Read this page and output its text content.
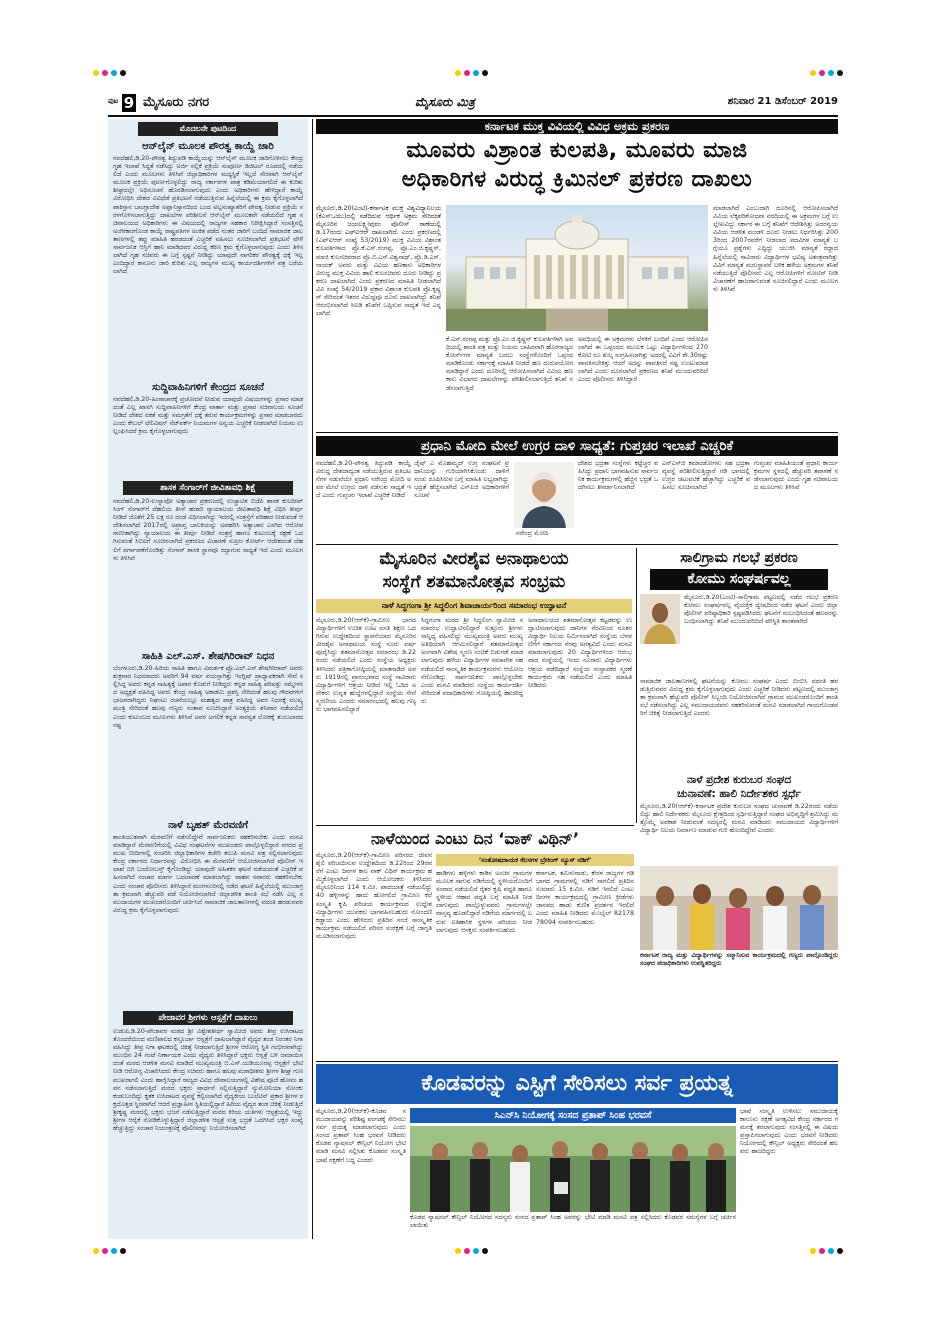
ಪುಟ 9 ಮೈಸೂರು ನಗರ	ಮೈಸೂರು ಮಿತ್ರ	ಶನಿವಾರ 21 ಡಿಸೆಂಬರ್ 2019
ಮೊದಲನೇ ಪುಟದಿಂದ
ಆನ್‌ಲೈನ್ ಮೂಲಕ ಪೌರತ್ವ ಕಾಯ್ದೆ ಜಾರಿ
ನವದೆಹಲಿ,ಡಿ.20-ಪೌರತ್ವ ತಿದ್ದುಪಡಿ ಕಾಯ್ದೆಯನ್ನು ಆನ್‌ಲೈನ್ ಮೂಲಕ ಜಾರಿಗೊಳಿಸಲು ಕೇಂದ್ರ ಗೃಹ ಇಲಾಖೆ ಸಿದ್ಧತೆ ನಡೆಸಿದ್ದು ಅರ್ಜಿ ಸಲ್ಲಿಕೆ ಪ್ರಕ್ರಿಯೆ ಸಂಪೂರ್ಣ ಡಿಜಿಟಲ್ ರೂಪದಲ್ಲಿ ನಡೆಯಲಿದೆ ಎಂದು ಮೂಲಗಳು ತಿಳಿಸಿವೆ ಜಿಲ್ಲಾಧಿಕಾರಿಗಳ ಮಧ್ಯಸ್ಥಿಕೆ ಇಲ್ಲದೆ ನೇರವಾಗಿ ಆನ್‌ಲೈನ್ ಮೂಲಕ ಪ್ರಕ್ರಿಯೆ ಪೂರ್ಣಗೊಳ್ಳಲಿದ್ದು ರಾಜ್ಯ ಸರ್ಕಾರಗಳ ಪಾತ್ರ ಕಡಿಮೆಯಾಗಲಿದೆ ಈ ಕುರಿತು ಶೀಘ್ರದಲ್ಲೇ ಅಧಿಸೂಚನೆ ಹೊರಡಿಸಲಾಗುವುದು ಎಂದು ಅಧಿಕಾರಿಗಳು ಹೇಳಿದ್ದಾರೆ ಕಾಯ್ದೆ ವಿರೋಧಿಸಿ ದೇಶದ ವಿವಿಧೆಡೆ ಪ್ರತಿಭಟನೆ ನಡೆಯುತ್ತಿರುವ ಹಿನ್ನೆಲೆಯಲ್ಲಿ ಈ ಕ್ರಮ ಕೈಗೊಳ್ಳಲಾಗಿದೆ ಪಾಕಿಸ್ತಾನ ಬಾಂಗ್ಲಾದೇಶ ಅಫ್ಘಾನಿಸ್ತಾನದಿಂದ ಬಂದ ಅಲ್ಪಸಂಖ್ಯಾತರಿಗೆ ಪೌರತ್ವ ನೀಡುವ ಪ್ರಕ್ರಿಯೆ ಸರಳಗೊಳಿಸಲಾಗುತ್ತಿದ್ದು ದಾಖಲೆಗಳ ಪರಿಶೀಲನೆ ಆನ್‌ಲೈನ್ ಮೂಲಕವೇ ನಡೆಯಲಿದೆ ಗೃಹ ಸಚಿವಾಲಯದ ಅಧಿಕಾರಿಗಳು ಈ ವಿಷಯದಲ್ಲಿ ರಾಜ್ಯಗಳ ಸಹಕಾರ ನಿರೀಕ್ಷಿಸಿದ್ದಾರೆ ಸಂಸತ್ತಿನಲ್ಲಿ ಅಂಗೀಕಾರಗೊಂಡ ಕಾಯ್ದೆ ರಾಷ್ಟ್ರಪತಿಗಳ ಅಂಕಿತ ಪಡೆದ ನಂತರ ಜಾರಿಗೆ ಬಂದಿದೆ ಸಾಮಾಜಿಕ ಜಾಲತಾಣಗಳಲ್ಲಿ ತಪ್ಪು ಮಾಹಿತಿ ಹರಡದಂತೆ ಎಚ್ಚರಿಕೆ ವಹಿಸಲು ಸೂಚಿಸಲಾಗಿದೆ ಪ್ರತಿಭಟನೆ ವೇಳೆ ಸಾರ್ವಜನಿಕ ಆಸ್ತಿಗೆ ಹಾನಿ ಮಾಡಿದವರ ವಿರುದ್ಧ ಕಠಿಣ ಕ್ರಮ ಕೈಗೊಳ್ಳಲಾಗುವುದು ಎಂದು ತಿಳಿಸಲಾಗಿದೆ ಗೃಹ ಸಚಿವರು ಈ ಬಗ್ಗೆ ಸ್ಪಷ್ಟನೆ ನೀಡಿದ್ದು ಯಾವುದೇ ನಾಗರಿಕರ ಪೌರತ್ವಕ್ಕೆ ಧಕ್ಕೆ ಇಲ್ಲ ಎಂದಿದ್ದಾರೆ ಕಾನೂನು ಜಾರಿ ಕುರಿತು ಎಲ್ಲ ರಾಜ್ಯಗಳ ಮುಖ್ಯ ಕಾರ್ಯದರ್ಶಿಗಳಿಗೆ ಪತ್ರ ಬರೆಯಲಾಗಿದೆ
ಸುದ್ದಿವಾಹಿನಿಗಳಿಗೆ ಕೇಂದ್ರದ ಸೂಚನೆ
ನವದೆಹಲಿ,ಡಿ.20-ಹಿಂಸಾಚಾರಕ್ಕೆ ಪ್ರಚೋದನೆ ನೀಡುವ ಯಾವುದೇ ವಿಷಯಗಳನ್ನು ಪ್ರಸಾರ ಮಾಡದಂತೆ ಎಲ್ಲ ಖಾಸಗಿ ಸುದ್ದಿವಾಹಿನಿಗಳಿಗೆ ಕೇಂದ್ರ ವಾರ್ತಾ ಮತ್ತು ಪ್ರಸಾರ ಸಚಿವಾಲಯ ಸೂಚನೆ ನೀಡಿದೆ ದೇಶದ ಏಕತೆ ಮತ್ತು ಸಮಗ್ರತೆಗೆ ಧಕ್ಕೆ ತರುವ ಕಾರ್ಯಕ್ರಮಗಳನ್ನು ಪ್ರಸಾರ ಮಾಡಬಾರದು ಎಂದು ಕೇಬಲ್ ಟೆಲಿವಿಷನ್ ನೆಟ್‌ವರ್ಕ್ ನಿಯಮಗಳ ಅನ್ವಯ ಎಚ್ಚರಿಕೆ ನೀಡಲಾಗಿದೆ ನಿಯಮ ಉಲ್ಲಂಘಿಸಿದರೆ ಕ್ರಮ ಕೈಗೊಳ್ಳಲಾಗುವುದು
ಶಾಸಕ ಸೆಂಗಾರ್‌ಗೆ ಜೀವಿತಾವಧಿ ಶಿಕ್ಷೆ
ನವದೆಹಲಿ,ಡಿ.20-ಉನ್ನಾವೋ ಅತ್ಯಾಚಾರ ಪ್ರಕರಣದಲ್ಲಿ ಉಚ್ಚಾಟಿತ ಬಿಜೆಪಿ ಶಾಸಕ ಕುಲದೀಪ್ ಸಿಂಗ್ ಸೆಂಗಾರ್‌ಗೆ ದೆಹಲಿಯ ತೀಸ್ ಹಜಾರಿ ನ್ಯಾಯಾಲಯ ಜೀವಿತಾವಧಿ ಶಿಕ್ಷೆ ವಿಧಿಸಿ ತೀರ್ಪು ನೀಡಿದೆ ಜೊತೆಗೆ 25 ಲಕ್ಷ ರೂ ದಂಡ ವಿಧಿಸಲಾಗಿದ್ದು ಇದರಲ್ಲಿ ಸಂತ್ರಸ್ತೆಗೆ ಪರಿಹಾರ ನೀಡುವಂತೆ ಆದೇಶಿಸಲಾಗಿದೆ 2017ರಲ್ಲಿ ಅಪ್ರಾಪ್ತ ಬಾಲಕಿಯನ್ನು ಅಪಹರಿಸಿ ಅತ್ಯಾಚಾರ ಎಸಗಿದ ಆರೋಪ ಸಾಬೀತಾಗಿದ್ದು ನ್ಯಾಯಾಲಯ ಈ ತೀರ್ಪು ನೀಡಿದೆ ಸಂತ್ರಸ್ತೆ ಹಾಗೂ ಕುಟುಂಬಕ್ಕೆ ರಕ್ಷಣೆ ಒದಗಿಸುವಂತೆ ಸಿಬಿಐಗೆ ಸೂಚಿಸಲಾಗಿದೆ ಪ್ರಕರಣದ ವಿಚಾರಣೆ ಸುಪ್ರೀಂ ಕೋರ್ಟ್ ಆದೇಶದಂತೆ ದೆಹಲಿಗೆ ವರ್ಗಾವಣೆಗೊಂಡಿತ್ತು ಸೆಂಗಾರ್ ಶಾಸಕ ಸ್ಥಾನವೂ ರದ್ದಾಗುವ ಸಾಧ್ಯತೆ ಇದೆ ಎಂದು ಮೂಲಗಳು ತಿಳಿಸಿವೆ
ಸಾಹಿತಿ ಎಲ್.ಎಸ್. ಶೇಷಗಿರಿರಾವ್ ನಿಧನ
ಬೆಂಗಳೂರು,ಡಿ.20-ಹಿರಿಯ ಸಾಹಿತಿ ಹಾಗೂ ವಿಮರ್ಶಕ ಪ್ರೊ.ಎಲ್.ಎಸ್.ಶೇಷಗಿರಿರಾವ್ ಅವರು ಶುಕ್ರವಾರ ನಿಧನರಾದರು ಅವರಿಗೆ 94 ವರ್ಷ ವಯಸ್ಸಾಗಿತ್ತು ಇಂಗ್ಲಿಷ್ ಪ್ರಾಧ್ಯಾಪಕರಾಗಿ ಸೇವೆ ಸಲ್ಲಿಸಿದ್ದ ಅವರು ಕನ್ನಡ ಸಾಹಿತ್ಯಕ್ಕೆ ಅಪಾರ ಕೊಡುಗೆ ನೀಡಿದ್ದರು ಕನ್ನಡ ಸಾಹಿತ್ಯ ಪರಿಷತ್ತು ಸಮ್ಮೇಳನದ ಅಧ್ಯಕ್ಷತೆ ವಹಿಸಿದ್ದ ಅವರು ಕೇಂದ್ರ ಸಾಹಿತ್ಯ ಅಕಾಡೆಮಿ ಪ್ರಶಸ್ತಿ ಸೇರಿದಂತೆ ಹಲವು ಗೌರವಗಳಿಗೆ ಭಾಜನರಾಗಿದ್ದರು ನಿಘಂಟು ರಚನೆಯಲ್ಲೂ ಮಹತ್ವದ ಪಾತ್ರ ವಹಿಸಿದ್ದ ಅವರ ನಿಧನಕ್ಕೆ ಮುಖ್ಯಮಂತ್ರಿ ಸೇರಿದಂತೆ ಹಲವು ಗಣ್ಯರು ಸಂತಾಪ ಸೂಚಿಸಿದ್ದಾರೆ ಅಂತ್ಯಕ್ರಿಯೆ ಶನಿವಾರ ನಡೆಯಲಿದೆ ಎಂದು ಕುಟುಂಬದ ಮೂಲಗಳು ತಿಳಿಸಿವೆ ಅವರ ಅಗಲಿಕೆ ಕನ್ನಡ ಸಾರಸ್ವತ ಲೋಕಕ್ಕೆ ತುಂಬಲಾರದ ನಷ್ಟ
ನಾಳೆ ಬೃಹತ್ ಮೆರವಣಿಗೆ
ಶಾಂತಿಯುತವಾಗಿ ಮೆರವಣಿಗೆ ನಡೆಸಲಿದ್ದೇವೆ ಸಾರ್ವಜನಿಕರು ಸಹಕರಿಸಬೇಕು ಎಂದು ಮನವಿ ಮಾಡಿದ್ದಾರೆ ಮೆರವಣಿಗೆಯಲ್ಲಿ ವಿವಿಧ ಸಂಘಟನೆಗಳ ಮುಖಂಡರು ಪಾಲ್ಗೊಳ್ಳಲಿದ್ದಾರೆ ನಗರದ ಪ್ರಮುಖ ಬೀದಿಗಳಲ್ಲಿ ಸಂಚರಿಸಿ ಜಿಲ್ಲಾಧಿಕಾರಿಗಳ ಕಚೇರಿ ತಲುಪಿ ಮನವಿ ಪತ್ರ ಸಲ್ಲಿಸಲಾಗುವುದು ಕೇಂದ್ರ ಸರ್ಕಾರದ ನಿರ್ಧಾರವನ್ನು ವಿರೋಧಿಸಿ ಈ ಮೆರವಣಿಗೆ ಆಯೋಜಿಸಲಾಗಿದೆ ಪೊಲೀಸ್ ಇಲಾಖೆ ಬಿಗಿ ಬಂದೋಬಸ್ತ್ ಕೈಗೊಂಡಿದ್ದು ಯಾವುದೇ ಅಹಿತಕರ ಘಟನೆ ನಡೆಯದಂತೆ ಎಚ್ಚರಿಕೆ ವಹಿಸಲಾಗಿದೆ ಸಂಚಾರ ಮಾರ್ಗ ಬದಲಾವಣೆ ಮಾಡಲಾಗಿದ್ದು ವಾಹನ ಸವಾರರು ಸಹಕರಿಸಬೇಕು ಎಂದು ಸಂಚಾರ ಪೊಲೀಸರು ತಿಳಿಸಿದ್ದಾರೆ ಮಂಗಳೂರಿನಲ್ಲಿ ನಡೆದ ಘಟನೆ ಹಿನ್ನೆಲೆಯಲ್ಲಿ ಮುಂಜಾಗ್ರತಾ ಕ್ರಮವಾಗಿ ಹೆಚ್ಚುವರಿ ಪಡೆ ನಿಯೋಜಿಸಲಾಗಿದೆ ಜಿಲ್ಲಾಡಳಿತ ಶಾಂತಿ ಸಭೆ ನಡೆಸಿ ಎಲ್ಲ ಸಮುದಾಯಗಳ ಮುಖಂಡರೊಂದಿಗೆ ಚರ್ಚಿಸಿದೆ ಸಾಮಾಜಿಕ ಜಾಲತಾಣಗಳಲ್ಲಿ ವದಂತಿ ಹರಡುವವರ ವಿರುದ್ಧ ಕ್ರಮ ಕೈಗೊಳ್ಳಲಾಗುವುದು
ಪೇಜಾವರ ಶ್ರೀಗಳು ಆಸ್ಪತ್ರೆಗೆ ದಾಖಲು
ಉಡುಪಿ,ಡಿ.20-ಪೇಜಾವರ ಮಠದ ಶ್ರೀ ವಿಶ್ವೇಶತೀರ್ಥ ಸ್ವಾಮೀಜಿ ಅವರು ತೀವ್ರ ಉಸಿರಾಟದ ತೊಂದರೆಯಿಂದ ಮಣಿಪಾಲದ ಕಸ್ತೂರ್ಬಾ ಆಸ್ಪತ್ರೆಗೆ ದಾಖಲಾಗಿದ್ದಾರೆ ವೈದ್ಯರ ತಂಡ ನಿರಂತರ ನಿಗಾ ವಹಿಸಿದ್ದು ತೀವ್ರ ನಿಗಾ ಘಟಕದಲ್ಲಿ ಚಿಕಿತ್ಸೆ ನೀಡಲಾಗುತ್ತಿದೆ ಶ್ರೀಗಳ ಆರೋಗ್ಯ ಸ್ಥಿತಿ ಗಂಭೀರವಾಗಿದ್ದು ಮುಂದಿನ 24 ಗಂಟೆ ನಿರ್ಣಾಯಕ ಎಂದು ವೈದ್ಯರು ತಿಳಿಸಿದ್ದಾರೆ ಭಕ್ತರು ಆಸ್ಪತ್ರೆ ಬಳಿ ಜಮಾಯಿಸದಂತೆ ಮಠದ ಆಡಳಿತ ಮನವಿ ಮಾಡಿದೆ ಮುಖ್ಯಮಂತ್ರಿ ಬಿ.ಎಸ್.ಯಡಿಯೂರಪ್ಪ ಆಸ್ಪತ್ರೆಗೆ ಭೇಟಿ ನೀಡಿ ಆರೋಗ್ಯ ವಿಚಾರಿಸಿದರು ಕೇಂದ್ರ ಸಚಿವರು ಹಾಗೂ ಹಲವು ಮಠಾಧೀಶರು ಶ್ರೀಗಳ ಶೀಘ್ರ ಗುಣಮುಖರಾಗಲಿ ಎಂದು ಹಾರೈಸಿದ್ದಾರೆ ರಾಜ್ಯದ ವಿವಿಧ ದೇವಾಲಯಗಳಲ್ಲಿ ವಿಶೇಷ ಪೂಜೆ ಹೋಮ ಹವನ ನಡೆಸಲಾಗುತ್ತಿದೆ ಮಠದ ಭಕ್ತರು ಪ್ರಾರ್ಥನೆ ಸಲ್ಲಿಸುತ್ತಿದ್ದಾರೆ ನ್ಯುಮೋನಿಯಾ ಸೋಂಕು ಕಂಡುಬಂದಿದ್ದು ಕೃತಕ ಉಸಿರಾಟದ ವ್ಯವಸ್ಥೆ ಕಲ್ಪಿಸಲಾಗಿದೆ ವೈದ್ಯಕೀಯ ಬುಲೆಟಿನ್ ಪ್ರಕಾರ ಶ್ರೀಗಳ ರಕ್ತದೊತ್ತಡ ಸ್ಥಿರವಾಗಿದೆ ಆದರೆ ಪ್ರಜ್ಞಾಹೀನ ಸ್ಥಿತಿಯಲ್ಲಿದ್ದಾರೆ ಹಿರಿಯ ವೈದ್ಯರ ತಂಡ ಚಿಕಿತ್ಸೆ ನೀಡುತ್ತಿದೆ ಶ್ರೀಕೃಷ್ಣ ಮಠದಲ್ಲಿ ಭಕ್ತರು ಭಜನೆ ನಡೆಸುತ್ತಿದ್ದಾರೆ ಮಠದ ಕಿರಿಯ ಯತಿಗಳು ಆಸ್ಪತ್ರೆಯಲ್ಲಿ ಇದ್ದು ಶ್ರೀಗಳ ಆರೈಕೆ ನೋಡಿಕೊಳ್ಳುತ್ತಿದ್ದಾರೆ ಜಿಲ್ಲಾಡಳಿತ ಆಸ್ಪತ್ರೆ ಸುತ್ತ ಭದ್ರತೆ ಒದಗಿಸಿದೆ ಭಕ್ತರ ಸಂಖ್ಯೆ ಹೆಚ್ಚುತ್ತಿದ್ದು ಸಂಚಾರ ನಿಯಂತ್ರಣಕ್ಕೆ ಪೊಲೀಸರನ್ನು ನಿಯೋಜಿಸಲಾಗಿದೆ
ಕರ್ನಾಟಕ ಮುಕ್ತ ವಿವಿಯಲ್ಲಿ ವಿವಿಧ ಅಕ್ರಮ ಪ್ರಕರಣ
ಮೂವರು ವಿಶ್ರಾಂತ ಕುಲಪತಿ, ಮೂವರು ಮಾಜಿ
ಅಧಿಕಾರಿಗಳ ವಿರುದ್ಧ ಕ್ರಿಮಿನಲ್ ಪ್ರಕರಣ ದಾಖಲು
ಮೈಸೂರು,ಡಿ.20(ಎಂಟಿ)-ಕರ್ನಾಟಕ ಮುಕ್ತ ವಿಶ್ವವಿದ್ಯಾನಿಲಯ (ಕೆಎಸ್‌ಒಯು)ದಲ್ಲಿ ನಡೆದಿರುವ ಆರ್ಥಿಕ ಅಕ್ರಮ ಸೇರಿದಂತೆ ಮೈಸೂರಿನ ಜಯಲಕ್ಷ್ಮೀಪುರಂ ಪೊಲೀಸ್ ಠಾಣೆಯಲ್ಲಿ ಡಿ.17ರಂದು ಎಫ್‌ಐಆರ್ ದಾಖಲಾಗಿದೆ. ಎಂದು ಪ್ರಕರಣದಲ್ಲಿ (ಎಫ್‌ಐಆರ್ ಸಂಖ್ಯೆ 53/2019) ಮುಕ್ತ ವಿವಿಯ ವಿಶ್ರಾಂತ ಕುಲಪತಿಗಳಾದ ಪ್ರೊ.ಕೆ.ಎಸ್.ರಂಗಪ್ಪ, ಪ್ರೊ.ಎಂ.ಜಿ.ಕೃಷ್ಣನ್, ಮಾಜಿ ಕುಲಸಚಿವರಾದ ಪ್ರೊ.ಬಿ.ಎಸ್.ವಿಶ್ವನಾಥ್, ಪ್ರೊ.ಡಿ.ಎಸ್.ನಾಯಕ್ ಅವರು ಮತ್ತು ವಿವಿಯ ಹಣಕಾಸು ಅಧಿಕಾರಿಗಳ ವಿರುದ್ಧ ಮುಕ್ತ ವಿವಿಯ ಹಾಲಿ ಕುಲಸಚಿವರು ದೂರು ನೀಡಿದ್ದು ಪ್ರಕರಣ ದಾಖಲಾಗಿದೆ ಎಂದು ಪ್ರಕರಣದ ಮಾಹಿತಿ ನೀಡಲಾಗಿದೆ ವಿವಿ ಸಂಖ್ಯೆ 54/2019 ಪ್ರಕಾರ ವಿಶ್ರಾಂತ ಕುಲಪತಿ ಪ್ರೊ.ಕೃಷ್ಣನ್ ಸೇರಿದಂತೆ ಇತರರ ವಿರುದ್ಧವೂ ದೂರು ದಾಖಲಾಗಿದ್ದು ತನಿಖೆ ಆರಂಭಿಸಲಾಗಿದೆ ಸಿಐಡಿ ತನಿಖೆಗೆ ಒಪ್ಪಿಸುವ ಸಾಧ್ಯತೆ ಇದೆ ಎನ್ನಲಾಗಿದೆ
ಕೆ.ಎಸ್.ರಂಗಪ್ಪ ಮತ್ತು ಪ್ರೊ.ಎಂ.ಜಿ.ಕೃಷ್ಣನ್ ಕುಲಪತಿಗಳಾಗಿ ಅವಧಿಯಲ್ಲಿ ಶಾಂತಿ ಪತ್ರ ಮತ್ತು ನಿಯಮ ಬಾಹಿರವಾಗಿ ಹೊರರಾಜ್ಯದ ಕೋರ್ಸ್‌ಗಳ ಮಾನ್ಯತೆ ಬದಲು ಸಂಸ್ಥೆಗಳೊಂದಿಗೆ ಒಪ್ಪಂದ ಮಾಡಿಕೊಂಡು ಸರ್ಕಾರಕ್ಕೆ ಮಾಹಿತಿ ನೀಡದೆ ಹಣ ದುರುಪಯೋಗ ಮಾಡಿದ್ದಾರೆ ಎಂದು ದೂರಿನಲ್ಲಿ ಆರೋಪಿಸಲಾಗಿದೆ ವಿವಿಯ ಹಣಕಾಸು ವಿಭಾಗದ ದಾಖಲೆಗಳನ್ನು ಪರಿಶೀಲಿಸಲಾಗುತ್ತಿದೆ ತನಿಖೆ ನಡೆಸಲಾಗುತ್ತಿದೆ
ಅವಧಿಯಲ್ಲಿ ಈ ಅಕ್ರಮಗಳು ಬೆಳಕಿಗೆ ಬಂದಿವೆ ಎಂದು ಆರೋಪಿಸಲಾಗಿದೆ ಈ ಒಪ್ಪಂದದ ಮೂಲಕ ಒಟ್ಟು ವಿದ್ಯಾರ್ಥಿಗಳಿಂದ 270 ಕೋಟಿ ರೂ ಶುಲ್ಕ ಸಂಗ್ರಹಿಸಲಾಗಿತ್ತು ಅದರಲ್ಲಿ ವಿವಿಗೆ ಶೇ.30ರಷ್ಟು ಪಾವತಿಸಬೇಕಿತ್ತು ಆದರೆ ಅದನ್ನು ಪಾವತಿಸದೆ ನಷ್ಟ ಉಂಟುಮಾಡಲಾಗಿದೆ ಎಂದು ದೂರಲಾಗಿದೆ ಪ್ರಕರಣದ ತನಿಖೆ ಮುಂದುವರಿದಿದೆ ಎಂದು ಪೊಲೀಸರು ತಿಳಿಸಿದ್ದಾರೆ
ಮಾಡಲಾಗಿದೆ ಎಂಬುದಾಗಿ ದೂರಿನಲ್ಲಿ ಆರೋಪಿಸಲಾಗಿದೆ ವಿವಿಯ ಲೆಕ್ಕಪರಿಶೋಧನಾ ವರದಿಯಲ್ಲಿ ಈ ಅಕ್ರಮಗಳ ಬಗ್ಗೆ ಉಲ್ಲೇಖವಿದ್ದು ಸರ್ಕಾರ ಈ ಬಗ್ಗೆ ತನಿಖೆಗೆ ಆದೇಶಿಸಿತ್ತು ಅದರನ್ವಯ ವಿವಿಯ ಆಡಳಿತ ಮಂಡಳಿ ದೂರು ನೀಡಲು ನಿರ್ಧರಿಸಿತ್ತು 2003ರಿಂದ 2007ರವರೆಗೆ ನೀಡಲಾದ ಪದವಿಗಳ ಮಾನ್ಯತೆ ಬಗ್ಗೆಯೂ ಪ್ರಶ್ನೆಗಳು ಎದ್ದಿದ್ದು ಯುಜಿಸಿ ಮಾನ್ಯತೆ ರದ್ದಾದ ಹಿನ್ನೆಲೆಯಲ್ಲಿ ಸಾವಿರಾರು ವಿದ್ಯಾರ್ಥಿಗಳ ಭವಿಷ್ಯ ಅತಂತ್ರವಾಗಿತ್ತು ವಿವಿಗೆ ಮಾನ್ಯತೆ ಮರುಸ್ಥಾಪನೆ ಬಳಿಕ ಹಳೆಯ ಅಕ್ರಮಗಳ ತನಿಖೆ ನಡೆಯುತ್ತಿದೆ ಪೊಲೀಸರು ಎಲ್ಲ ಆರೋಪಿಗಳಿಗೆ ನೋಟಿಸ್ ನೀಡಿ ವಿಚಾರಣೆಗೆ ಹಾಜರಾಗುವಂತೆ ಸೂಚಿಸಲಿದ್ದಾರೆ ಎಂದು ಮೂಲಗಳು ತಿಳಿಸಿವೆ
ಪ್ರಧಾನಿ ಮೋದಿ ಮೇಲೆ ಉಗ್ರರ ದಾಳಿ ಸಾಧ್ಯತೆ: ಗುಪ್ತಚರ ಇಲಾಖೆ ಎಚ್ಚರಿಕೆ
ನವದೆಹಲಿ,ಡಿ.20-ಪೌರತ್ವ ತಿದ್ದುಪಡಿ ಕಾಯ್ದೆ ವಿರುದ್ಧ ದೇಶದಾದ್ಯಂತ ನಡೆಯುತ್ತಿರುವ ಪ್ರತಿಭಟನೆಗಳ ನಡುವೆಯೇ ಪ್ರಧಾನಿ ನರೇಂದ್ರ ಮೋದಿ ಅವರ ಮೇಲೆ ಉಗ್ರರು ದಾಳಿ ನಡೆಸುವ ಸಾಧ್ಯತೆ ಇದೆ ಎಂದು ಗುಪ್ತಚರ ಇಲಾಖೆ ಎಚ್ಚರಿಕೆ ನೀಡಿದೆ
ಜೈಷ್ ಎ ಮೊಹಮ್ಮದ್ ಉಗ್ರ ಸಂಘಟನೆ ಪ್ರಧಾನಿಯನ್ನು ಗುರಿಯಾಗಿಸಿಕೊಂಡು ದಾಳಿಗೆ ಸಂಚು ರೂಪಿಸಿರುವ ಬಗ್ಗೆ ಮಾಹಿತಿ ಲಭ್ಯವಾಗಿದ್ದು ಭದ್ರತೆ ಹೆಚ್ಚಿಸಲಾಗಿದೆ ಎಸ್‌ಪಿಜಿ ಅಧಿಕಾರಿಗಳಿಗೆ ಸೂಚನೆ
ನರೇಂದ್ರ ಮೋದಿ
ದೇಶದ ಭದ್ರತಾ ಸಂಸ್ಥೆಗಳು ಕಟ್ಟೆಚ್ಚರ ವಹಿಸಿದ್ದು ಪ್ರಧಾನಿ ಭಾಗವಹಿಸುವ ಸಾರ್ವಜನಿಕ ಕಾರ್ಯಕ್ರಮಗಳಲ್ಲಿ ಹೆಚ್ಚಿನ ಭದ್ರತೆ ಒದಗಿಸಲು ತೀರ್ಮಾನಿಸಲಾಗಿದೆ
ಎನ್‌ಎಸ್‌ಜಿ ಕಮಾಂಡೋಗಳು ಸಹ ಭದ್ರತಾ ವ್ಯವಸ್ಥೆ ಪರಿಶೀಲಿಸುತ್ತಿದ್ದಾರೆ ಗಡಿ ಭಾಗದಲ್ಲಿ ಉಗ್ರರ ಚಟುವಟಿಕೆ ಹೆಚ್ಚಾಗಿದ್ದು ಎಚ್ಚರಿಕೆ ವಹಿಸಲು ಸೂಚಿಸಲಾಗಿದೆ
ಗುಪ್ತಚರ ಮಾಹಿತಿಯಂತೆ ಪ್ರಧಾನಿ ಕಾರ್ಯಕ್ರಮಗಳ ಸ್ಥಳದಲ್ಲಿ ಹೆಚ್ಚುವರಿ ತಪಾಸಣೆ ನಡೆಸಲಾಗುವುದು ಎಂದು ಗೃಹ ಸಚಿವಾಲಯದ ಮೂಲಗಳು ತಿಳಿಸಿವೆ
ಮೈಸೂರಿನ ವೀರಶೈವ ಅನಾಥಾಲಯ
ಸಂಸ್ಥೆಗೆ ಶತಮಾನೋತ್ಸವ ಸಂಭ್ರಮ
ನಾಳೆ ಸಿದ್ಧಗಂಗಾ ಶ್ರೀ ಸಿದ್ಧಲಿಂಗ ಶಿವಾಚಾರ್ಯರಿಂದ ಸಮಾರಂಭ ಉದ್ಘಾಟನೆ
ಮೈಸೂರು,ಡಿ.20(ಆರ್‌ಕೆ)-ಗ್ರಾಮೀಣ ಭಾಗದ ವಿದ್ಯಾರ್ಥಿಗಳಿಗೆ ಉಚಿತ ಊಟ ವಸತಿ ಶಿಕ್ಷಣ ಒದಗಿಸುವ ಉದ್ದೇಶದಿಂದ ಸ್ಥಾಪನೆಯಾದ ಮೈಸೂರಿನ ವೀರಶೈವ ಅನಾಥಾಲಯ ಸಂಸ್ಥೆ ನೂರು ವರ್ಷ ಪೂರೈಸಿದ್ದು ಶತಮಾನೋತ್ಸವ ಸಮಾರಂಭ ಡಿ.22ರಂದು ನಡೆಯಲಿದೆ ಎಂದು ಸಂಸ್ಥೆಯ ಅಧ್ಯಕ್ಷರು ತಿಳಿಸಿದರು ಪತ್ರಿಕಾಗೋಷ್ಠಿಯಲ್ಲಿ ಮಾತನಾಡಿದ ಅವರು 1919ರಲ್ಲಿ ಪ್ರಾರಂಭವಾದ ಸಂಸ್ಥೆ ಸಾವಿರಾರು ವಿದ್ಯಾರ್ಥಿಗಳಿಗೆ ಆಶ್ರಯ ನೀಡಿದೆ ಇಲ್ಲಿ ಓದಿದ ಅನೇಕರು ಉನ್ನತ ಹುದ್ದೆಗಳಲ್ಲಿದ್ದಾರೆ ಸಂಸ್ಥೆಯ ಸೇವೆ ಸ್ಮರಣೀಯ ಎಂದರು ಸಮಾರಂಭದಲ್ಲಿ ಹಲವು ಗಣ್ಯರು ಭಾಗವಹಿಸಲಿದ್ದಾರೆ
ಸಿದ್ಧಗಂಗಾ ಮಠದ ಶ್ರೀ ಸಿದ್ಧಲಿಂಗ ಸ್ವಾಮೀಜಿ ಸಮಾರಂಭ ಉದ್ಘಾಟಿಸಲಿದ್ದಾರೆ ಸುತ್ತೂರು ಶ್ರೀಗಳು ಸಾನ್ನಿಧ್ಯ ವಹಿಸಲಿದ್ದು ಮುಖ್ಯಮಂತ್ರಿ ಅವರು ಮುಖ್ಯ ಅತಿಥಿಯಾಗಿ ಆಗಮಿಸಲಿದ್ದಾರೆ ಶತಮಾನೋತ್ಸವ ಅಂಗವಾಗಿ ವಿಶೇಷ ಸ್ಮರಣ ಸಂಚಿಕೆ ಬಿಡುಗಡೆ ಮಾಡಲಾಗುವುದು ಹಳೆಯ ವಿದ್ಯಾರ್ಥಿಗಳ ಸಮಾವೇಶ ಸಹ ನಡೆಯಲಿದೆ ಸಾಂಸ್ಕೃತಿಕ ಕಾರ್ಯಕ್ರಮಗಳು ಆಯೋಜನೆಗೊಂಡಿದ್ದು ಸಾರ್ವಜನಿಕರು ಪಾಲ್ಗೊಳ್ಳಬೇಕು ಎಂದು ಮನವಿ ಮಾಡಿದರು ಸಂಸ್ಥೆಯ ಕಾರ್ಯದರ್ಶಿ ಸೇರಿದಂತೆ ಪದಾಧಿಕಾರಿಗಳು ಗೋಷ್ಠಿಯಲ್ಲಿ ಹಾಜರಿದ್ದರು
ಅನಾಥಾಲಯದ ಶತಮಾನೋತ್ಸವ ಕಟ್ಟಡವನ್ನು ಉದ್ಘಾಟಿಸಲಾಗುವುದು ದಾನಿಗಳ ನೆರವಿನಿಂದ ನೂತನ ವಿದ್ಯಾರ್ಥಿ ನಿಲಯ ನಿರ್ಮಿಸಲಾಗಿದೆ ಸಂಸ್ಥೆಯ ಬೆಳವಣಿಗೆಗೆ ಸರ್ಕಾರದ ನೆರವು ಅಗತ್ಯವಿದೆ ಎಂದು ಮನವಿ ಮಾಡಲಾಗುವುದು 20 ವಿದ್ಯಾರ್ಥಿಗಳಿಂದ ಆರಂಭವಾದ ಸಂಸ್ಥೆಯಲ್ಲಿ ಇಂದು ನೂರಾರು ವಿದ್ಯಾರ್ಥಿಗಳು ಆಶ್ರಯ ಪಡೆದಿದ್ದಾರೆ ಸಂಸ್ಥೆಯ ಸಂಸ್ಥಾಪಕರ ಸ್ಮರಣೆ ಕಾರ್ಯಕ್ರಮ ಸಹ ನಡೆಯಲಿದೆ ಎಂದು ಮಾಹಿತಿ ನೀಡಿದರು
ಸಾಲಿಗ್ರಾಮ ಗಲಭೆ ಪ್ರಕರಣ
ಕೋಮು ಸಂಘರ್ಷವಲ್ಲ
ಮೈಸೂರು,ಡಿ.20(ಎಂಟಿ)-ಸಾಲಿಗ್ರಾಮ ಪಟ್ಟಣದಲ್ಲಿ ನಡೆದ ಗಲಭೆ ಪ್ರಕರಣ ಕೋಮು ಸಂಘರ್ಷವಲ್ಲ ವೈಯಕ್ತಿಕ ದ್ವೇಷದಿಂದ ನಡೆದ ಘಟನೆ ಎಂದು ಜಿಲ್ಲಾ ಪೊಲೀಸ್ ವರಿಷ್ಠಾಧಿಕಾರಿ ಸ್ಪಷ್ಟಪಡಿಸಿದರು ಘಟನೆಗೆ ಸಂಬಂಧಿಸಿದಂತೆ ಹಲವರನ್ನು ಬಂಧಿಸಲಾಗಿದ್ದು ತನಿಖೆ ಮುಂದುವರಿದಿದೆ ಪರಿಸ್ಥಿತಿ ಶಾಂತವಾಗಿದೆ
ಸಾಮಾಜಿಕ ಜಾಲತಾಣಗಳಲ್ಲಿ ಘಟನೆಯನ್ನು ಕೋಮು ಸಂಘರ್ಷ ಎಂದು ಬಿಂಬಿಸಿ ವದಂತಿ ಹರಡುತ್ತಿರುವವರ ವಿರುದ್ಧ ಕ್ರಮ ಕೈಗೊಳ್ಳಲಾಗುವುದು ಎಂದು ಎಚ್ಚರಿಕೆ ನೀಡಿದರು ಪಟ್ಟಣದಲ್ಲಿ ಮುಂಜಾಗ್ರತಾ ಕ್ರಮವಾಗಿ ಹೆಚ್ಚುವರಿ ಪೊಲೀಸ್ ಸಿಬ್ಬಂದಿ ನಿಯೋಜಿಸಲಾಗಿದೆ ಗ್ರಾಮದ ಮುಖಂಡರೊಂದಿಗೆ ಶಾಂತಿ ಸಭೆ ನಡೆಸಲಾಗಿದ್ದು ಎಲ್ಲ ಸಮುದಾಯದವರು ಸಹಕರಿಸುವಂತೆ ಮನವಿ ಮಾಡಲಾಗಿದೆ ಗಾಯಗೊಂಡವರಿಗೆ ಚಿಕಿತ್ಸೆ ನೀಡಲಾಗುತ್ತಿದೆ ಎಂದರು
ನಾಳೆ ಪ್ರದೇಶ ಕುರುಬರ ಸಂಘದ
ಚುನಾವಣೆ: ಹಾಲಿ ನಿರ್ದೇಶಕರ ಸ್ಪರ್ಧೆ
ಮೈಸೂರು,ಡಿ.20(ಆರ್‌ಕೆ)-ಕರ್ನಾಟಕ ಪ್ರದೇಶ ಕುರುಬರ ಸಂಘದ ಚುನಾವಣೆ ಡಿ.22ರಂದು ನಡೆಯಲಿದ್ದು ಹಾಲಿ ನಿರ್ದೇಶಕರು ಮೈಸೂರು ಕ್ಷೇತ್ರದಿಂದ ಸ್ಪರ್ಧಿಸುತ್ತಿದ್ದಾರೆ ಸಂಘದ ಅಭಿವೃದ್ಧಿಗೆ ಶ್ರಮಿಸಿದ್ದು ಮತ್ತೊಮ್ಮೆ ಅವಕಾಶ ನೀಡುವಂತೆ ಸದಸ್ಯರಲ್ಲಿ ಮನವಿ ಮಾಡಿದರು ಸಮುದಾಯದ ವಿದ್ಯಾರ್ಥಿಗಳಿಗೆ ವಿದ್ಯಾರ್ಥಿ ನಿಲಯ ನಿರ್ಮಾಣ ಮಾಡುವ ಗುರಿ ಹೊಂದಿದ್ದೇವೆ ಎಂದರು
ನಾಳೆಯಿಂದ ಎಂಟು ದಿನ ‘ವಾಕ್ ವಿಥಿನ್’
ಮೈಸೂರು,ಡಿ.20(ಆರ್‌ಕೆ)-ಗ್ರಾಮೀಣ ಪರಿಸರದ ಜೀವನ ಶೈಲಿ ಪರಿಚಯಿಸುವ ಉದ್ದೇಶದಿಂದ ಡಿ.22ರಿಂದ 29ರವರೆಗೆ ಎಂಟು ದಿನಗಳ ಕಾಲ ವಾಕ್ ವಿಥಿನ್ ಕಾರ್ಯಕ್ರಮ ಹಮ್ಮಿಕೊಳ್ಳಲಾಗಿದೆ ಎಂದು ಆಯೋಜಕರು ತಿಳಿಸಿದರು ಮೈಸೂರಿನಿಂದ 114 ಕಿ.ಮೀ. ಪಾದಯಾತ್ರೆ ನಡೆಯಲಿದ್ದು 40 ಹಳ್ಳಿಗಳನ್ನು ಹಾದು ಹೋಗಲಿದೆ ಗ್ರಾಮೀಣ ಕಲೆ ಸಂಸ್ಕೃತಿ ಕೃಷಿ ಪರಿಚಯ ಕಾರ್ಯಕ್ರಮದ ಉದ್ದೇಶ ವಿದ್ಯಾರ್ಥಿಗಳು ಯುವಕರು ಭಾಗವಹಿಸಬಹುದು ನೋಂದಣಿ ಕಡ್ಡಾಯ ಎಂದು ಹೇಳಿದರು ಪ್ರತಿದಿನ ಸಂಜೆ ಸಾಂಸ್ಕೃತಿಕ ಕಾರ್ಯಕ್ರಮ ನಡೆಯಲಿದೆ ಪರಿಸರ ಸಂರಕ್ಷಣೆ ಬಗ್ಗೆ ಜಾಗೃತಿ ಮೂಡಿಸಲಾಗುವುದು
‘ಸಂತೋಷದಾಯಕ ಕೆಲಸಗಳ ಬ್ರೇಕಿಂಗ್ ನ್ಯೂಸ್ ನಡಿಗೆ’
ಹಾಡಿಗಳು ಹಳ್ಳಿಗಳು ಕಾಡಿನ ಅಂಚಿನ ಗ್ರಾಮಗಳ ಮೂಲಕ ಸಾಗುವ ನಡಿಗೆಯಲ್ಲಿ ಸ್ಥಳೀಯರೊಂದಿಗೆ ಸಂವಾದ ನಡೆಯಲಿದೆ ರೈತರ ಕೃಷಿ ಪದ್ಧತಿ ಹಾಗೂ ಸ್ಥಳೀಯ ಆಹಾರ ಪದ್ಧತಿ ಬಗ್ಗೆ ಮಾಹಿತಿ ನೀಡಲಾಗುವುದು ಪಾಲ್ಗೊಳ್ಳುವವರು ಗ್ರಾಮಗಳಲ್ಲೇ ವಾಸ್ತವ್ಯ ಹೂಡಲಿದ್ದಾರೆ ನಡಿಗೆಯ ಮಾರ್ಗದಲ್ಲಿ ಬರುವ ಐತಿಹಾಸಿಕ ಸ್ಥಳಗಳ ಪರಿಚಯ ನೀಡಲಾಗುವುದು ಆಸಕ್ತರು ಸಂಪರ್ಕಿಸಬಹುದು
ಕರ್ನಾಟಕ, ತಮಿಳುನಾಡು, ಕೇರಳ ರಾಜ್ಯಗಳ ಗಡಿ ಭಾಗದ ಗ್ರಾಮಗಳಲ್ಲಿ ನಡಿಗೆ ಸಾಗಲಿದೆ ಪ್ರತಿದಿನ ಸುಮಾರು 15 ಕಿ.ಮೀ. ನಡಿಗೆ ಇರಲಿದೆ ಎಂಟು ದಿನಗಳ ಕಾರ್ಯಕ್ರಮದಲ್ಲಿ ಗ್ರಾಮೀಣ ಕ್ರೀಡೆಗಳು ಜಾನಪದ ಹಾಡು ಕುಣಿತ ಪ್ರದರ್ಶನ ಇರಲಿದೆ ಎಂದು ಮಾಹಿತಿ ನೀಡಿದರು ಮೊಬೈಲ್ 8217878094 ಸಂಪರ್ಕಿಸಬಹುದು
ಕರ್ನಾಟಕ ರಾಜ್ಯ ಮತ್ತು ವಿದ್ಯಾರ್ಥಿಗಳನ್ನು ಸನ್ಮಾನಿಸುವ ಕಾರ್ಯಕ್ರಮದಲ್ಲಿ ಗಣ್ಯರು ಪಾಲ್ಗೊಂಡಿದ್ದರು ಸಂಘದ ಪದಾಧಿಕಾರಿಗಳು ಉಪಸ್ಥಿತರಿದ್ದರು
ಕೊಡವರನ್ನು ಎಸ್ಟಿಗೆ ಸೇರಿಸಲು ಸರ್ವ ಪ್ರಯತ್ನ
ಮೈಸೂರು,ಡಿ.20(ಆರ್‌ಕೆ)-ಕೊಡವ ಸಮುದಾಯವನ್ನು ಪರಿಶಿಷ್ಟ ಪಂಗಡಕ್ಕೆ ಸೇರಿಸಲು ಸರ್ವ ಪ್ರಯತ್ನ ಮಾಡಲಾಗುವುದು ಎಂದು ಸಂಸದ ಪ್ರತಾಪ್ ಸಿಂಹ ಭರವಸೆ ನೀಡಿದರು ಕೊಡವ ನ್ಯಾಷನಲ್ ಕೌನ್ಸಿಲ್ ನಿಯೋಗ ಭೇಟಿ ಮಾಡಿ ಮನವಿ ಸಲ್ಲಿಸಿತು ಕೊಡವರ ಸಂಸ್ಕೃತಿ ಭಾಷೆ ರಕ್ಷಣೆಗೆ ಬದ್ಧ ಎಂದರು
ಸಿಎನ್‌ಸಿ ನಿಯೋಗಕ್ಕೆ ಸಂಸದ ಪ್ರತಾಪ್ ಸಿಂಹ ಭರವಸೆ
ಕೊಡವ ನ್ಯಾಷನಲ್ ಕೌನ್ಸಿಲ್ ನಿಯೋಗದ ಸದಸ್ಯರು ಸಂಸದ ಪ್ರತಾಪ್ ಸಿಂಹ ಅವರನ್ನು ಭೇಟಿ ಮಾಡಿ ಮನವಿ ಪತ್ರ ಸಲ್ಲಿಸಿದರು ಕೊಡವರ ಸಮಸ್ಯೆಗಳ ಬಗ್ಗೆ ಚರ್ಚಿಸಲಾಯಿತು
ಭಾಷೆ ಸಂಸ್ಕೃತಿ ಉಳಿಸಲು ಸಮುದಾಯಕ್ಕೆ ಕಾನೂನು ರಕ್ಷಣೆ ಅಗತ್ಯವಿದೆ ಕೇಂದ್ರ ಸರ್ಕಾರದ ಗಮನಕ್ಕೆ ತರಲಾಗುವುದು ಸಂಸತ್ತಿನಲ್ಲಿ ಈ ವಿಷಯ ಪ್ರಸ್ತಾಪಿಸಲಾಗುವುದು ಎಂದು ಭರವಸೆ ನೀಡಿದರು ನಿಯೋಗದಲ್ಲಿ ಕೌನ್ಸಿಲ್ ಅಧ್ಯಕ್ಷರು ಸೇರಿದಂತೆ ಹಲವರು ಹಾಜರಿದ್ದರು
